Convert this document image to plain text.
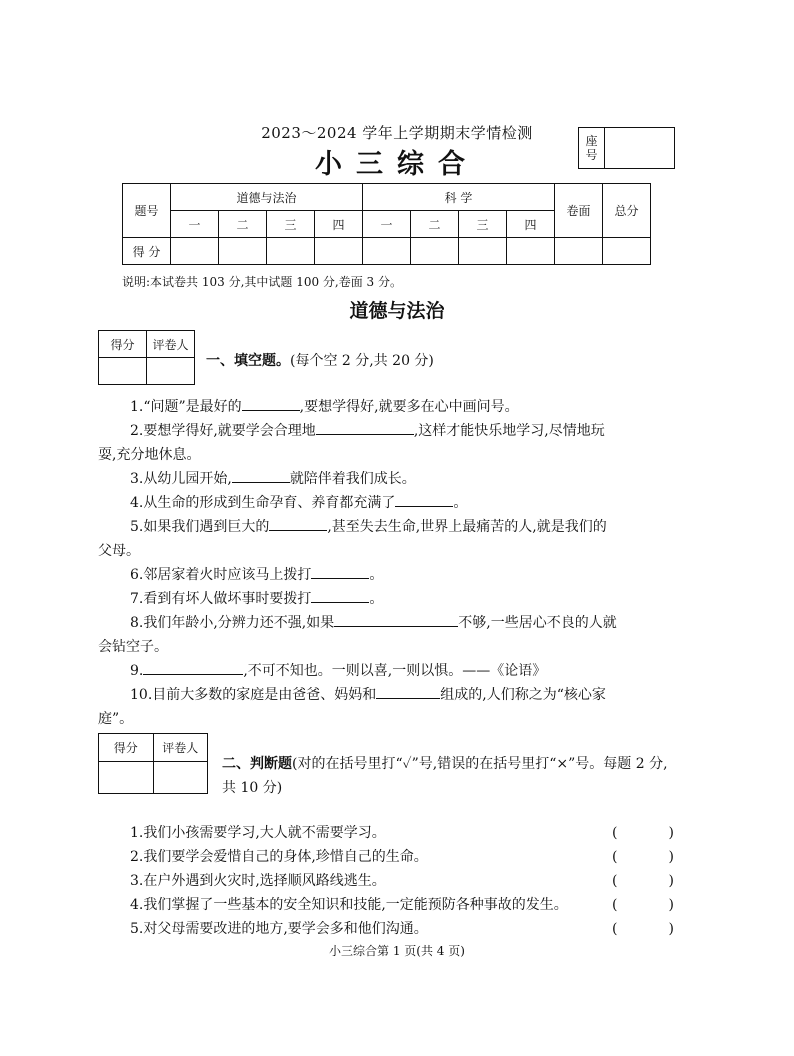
2023～2024 学年上学期期末学情检测
小三综合
座号
题号	道德与法治				科 学				卷面	总分
	一	二	三	四	一	二	三	四		
得 分										
说明:本试卷共 103 分,其中试题 100 分,卷面 3 分。
道德与法治
得分	评卷人

一、填空题。(每个空 2 分,共 20 分)
1.“问题”是最好的	,要想学得好,就要多在心中画问号。
2.要想学得好,就要学会合理地	,这样才能快乐地学习,尽情地玩
耍,充分地休息。
3.从幼儿园开始,	就陪伴着我们成长。
4.从生命的形成到生命孕育、养育都充满了	。
5.如果我们遇到巨大的	,甚至失去生命,世界上最痛苦的人,就是我们的
父母。
6.邻居家着火时应该马上拨打	。
7.看到有坏人做坏事时要拨打	。
8.我们年龄小,分辨力还不强,如果	不够,一些居心不良的人就
会钻空子。
9.	,不可不知也。一则以喜,一则以惧。——《论语》
10.目前大多数的家庭是由爸爸、妈妈和	组成的,人们称之为“核心家
庭”。
得分	评卷人

二、判断题(对的在括号里打“✓”号,错误的在括号里打“×”号。每题 2 分,共 10 分)
1.我们小孩需要学习,大人就不需要学习。	(	)
2.我们要学会爱惜自己的身体,珍惜自己的生命。	(	)
3.在户外遇到火灾时,选择顺风路线逃生。	(	)
4.我们掌握了一些基本的安全知识和技能,一定能预防各种事故的发生。	(	)
5.对父母需要改进的地方,要学会多和他们沟通。	(	)
小三综合第 1 页(共 4 页)
